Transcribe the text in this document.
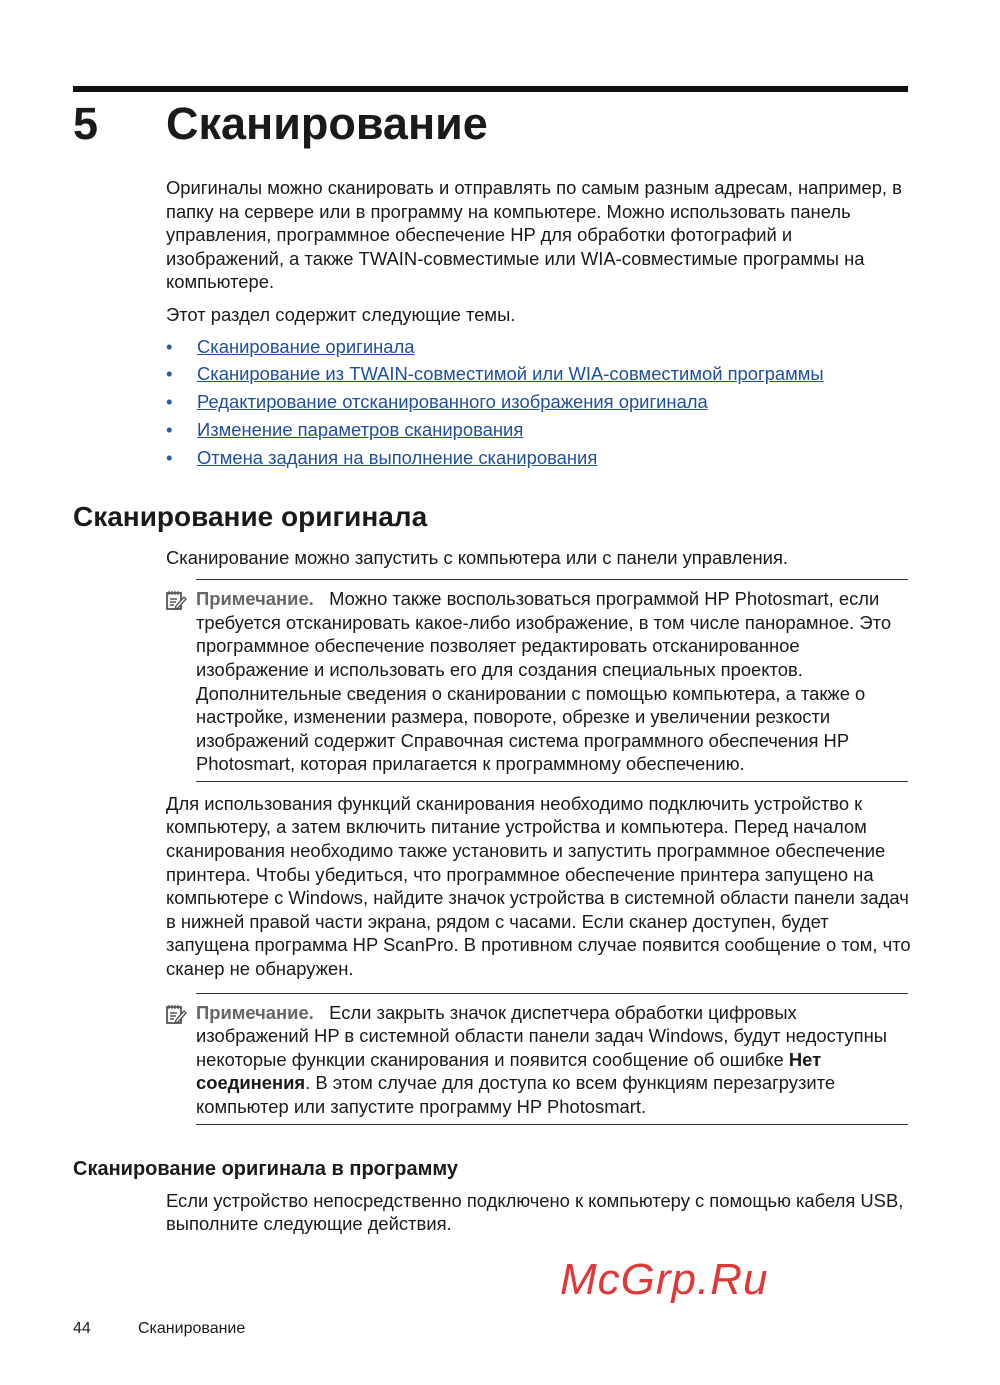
5 Сканирование

Оригиналы можно сканировать и отправлять по самым разным адресам, например, в папку на сервере или в программу на компьютере. Можно использовать панель управления, программное обеспечение HP для обработки фотографий и изображений, а также TWAIN-совместимые или WIA-совместимые программы на компьютере.

Этот раздел содержит следующие темы.

• Сканирование оригинала
• Сканирование из TWAIN-совместимой или WIA-совместимой программы
• Редактирование отсканированного изображения оригинала
• Изменение параметров сканирования
• Отмена задания на выполнение сканирования
Сканирование оригинала

Сканирование можно запустить с компьютера или с панели управления.

Примечание. Можно также воспользоваться программой HP Photosmart, если требуется отсканировать какое-либо изображение, в том числе панорамное. Это программное обеспечение позволяет редактировать отсканированное изображение и использовать его для создания специальных проектов. Дополнительные сведения о сканировании с помощью компьютера, а также о настройке, изменении размера, повороте, обрезке и увеличении резкости изображений содержит Справочная система программного обеспечения HP Photosmart, которая прилагается к программному обеспечению.

Для использования функций сканирования необходимо подключить устройство к компьютеру, а затем включить питание устройства и компьютера. Перед началом сканирования необходимо также установить и запустить программное обеспечение принтера. Чтобы убедиться, что программное обеспечение принтера запущено на компьютере с Windows, найдите значок устройства в системной области панели задач в нижней правой части экрана, рядом с часами. Если сканер доступен, будет запущена программа HP ScanPro. В противном случае появится сообщение о том, что сканер не обнаружен.

Примечание. Если закрыть значок диспетчера обработки цифровых изображений HP в системной области панели задач Windows, будут недоступны некоторые функции сканирования и появится сообщение об ошибке Нет соединения. В этом случае для доступа ко всем функциям перезагрузите компьютер или запустите программу HP Photosmart.

Сканирование оригинала в программу

Если устройство непосредственно подключено к компьютеру с помощью кабеля USB, выполните следующие действия.

44	Сканирование
McGrp.Ru
